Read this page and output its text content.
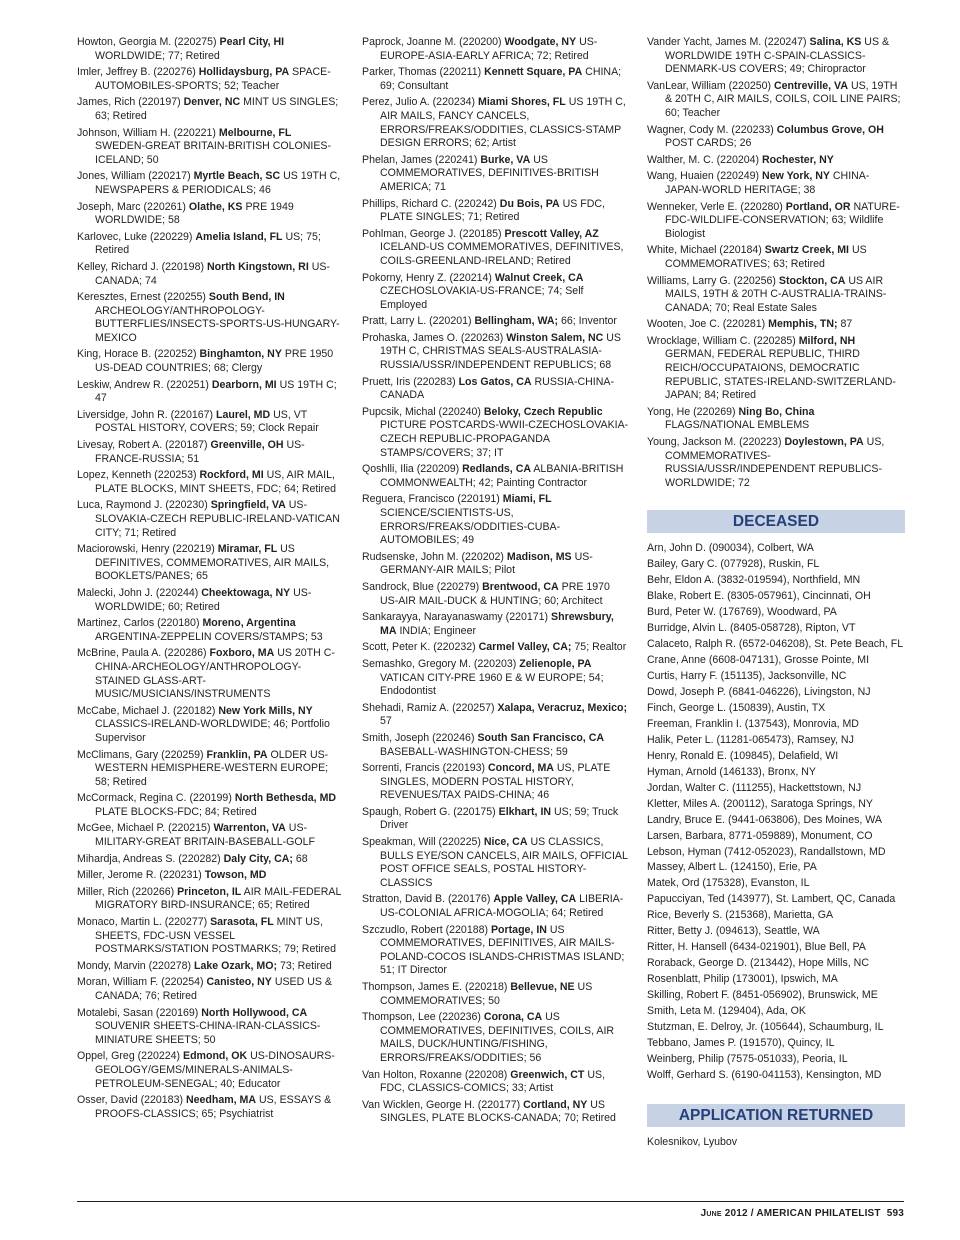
Howton, Georgia M. (220275) Pearl City, HI WORLDWIDE; 77; Retired
Imler, Jeffrey B. (220276) Hollidaysburg, PA SPACE-AUTOMOBILES-SPORTS; 52; Teacher
James, Rich (220197) Denver, NC MINT US SINGLES; 63; Retired
Johnson, William H. (220221) Melbourne, FL SWEDEN-GREAT BRITAIN-BRITISH COLONIES-ICELAND; 50
Jones, William (220217) Myrtle Beach, SC US 19TH C, NEWSPAPERS & PERIODICALS; 46
Joseph, Marc (220261) Olathe, KS PRE 1949 WORLDWIDE; 58
Karlovec, Luke (220229) Amelia Island, FL US; 75; Retired
Kelley, Richard J. (220198) North Kingstown, RI US-CANADA; 74
Keresztes, Ernest (220255) South Bend, IN ARCHEOLOGY/ANTHROPOLOGY-BUTTERFLIES/INSECTS-SPORTS-US-HUNGARY-MEXICO
King, Horace B. (220252) Binghamton, NY PRE 1950 US-DEAD COUNTRIES; 68; Clergy
Leskiw, Andrew R. (220251) Dearborn, MI US 19TH C; 47
Liversidge, John R. (220167) Laurel, MD US, VT POSTAL HISTORY, COVERS; 59; Clock Repair
Livesay, Robert A. (220187) Greenville, OH US-FRANCE-RUSSIA; 51
Lopez, Kenneth (220253) Rockford, MI US, AIR MAIL, PLATE BLOCKS, MINT SHEETS, FDC; 64; Retired
Luca, Raymond J. (220230) Springfield, VA US-SLOVAKIA-CZECH REPUBLIC-IRELAND-VATICAN CITY; 71; Retired
Maciorowski, Henry (220219) Miramar, FL US DEFINITIVES, COMMEMORATIVES, AIR MAILS, BOOKLETS/PANES; 65
Malecki, John J. (220244) Cheektowaga, NY US-WORLDWIDE; 60; Retired
Martinez, Carlos (220180) Moreno, Argentina ARGENTINA-ZEPPELIN COVERS/STAMPS; 53
McBrine, Paula A. (220286) Foxboro, MA US 20TH C-CHINA-ARCHEOLOGY/ANTHROPOLOGY-STAINED GLASS-ART-MUSIC/MUSICIANS/INSTRUMENTS
McCabe, Michael J. (220182) New York Mills, NY CLASSICS-IRELAND-WORLDWIDE; 46; Portfolio Supervisor
McClimans, Gary (220259) Franklin, PA OLDER US-WESTERN HEMISPHERE-WESTERN EUROPE; 58; Retired
McCormack, Regina C. (220199) North Bethesda, MD PLATE BLOCKS-FDC; 84; Retired
McGee, Michael P. (220215) Warrenton, VA US-MILITARY-GREAT BRITAIN-BASEBALL-GOLF
Mihardja, Andreas S. (220282) Daly City, CA; 68
Miller, Jerome R. (220231) Towson, MD
Miller, Rich (220266) Princeton, IL AIR MAIL-FEDERAL MIGRATORY BIRD-INSURANCE; 65; Retired
Monaco, Martin L. (220277) Sarasota, FL MINT US, SHEETS, FDC-USN VESSEL POSTMARKS/STATION POSTMARKS; 79; Retired
Mondy, Marvin (220278) Lake Ozark, MO; 73; Retired
Moran, William F. (220254) Canisteo, NY USED US & CANADA; 76; Retired
Motalebi, Sasan (220169) North Hollywood, CA SOUVENIR SHEETS-CHINA-IRAN-CLASSICS-MINIATURE SHEETS; 50
Oppel, Greg (220224) Edmond, OK US-DINOSAURS-GEOLOGY/GEMS/MINERALS-ANIMALS-PETROLEUM-SENEGAL; 40; Educator
Osser, David (220183) Needham, MA US, ESSAYS & PROOFS-CLASSICS; 65; Psychiatrist
Paprock, Joanne M. (220200) Woodgate, NY US-EUROPE-ASIA-EARLY AFRICA; 72; Retired
Parker, Thomas (220211) Kennett Square, PA CHINA; 69; Consultant
Perez, Julio A. (220234) Miami Shores, FL US 19TH C, AIR MAILS, FANCY CANCELS, ERRORS/FREAKS/ODDITIES, CLASSICS-STAMP DESIGN ERRORS; 62; Artist
Phelan, James (220241) Burke, VA US COMMEMORATIVES, DEFINITIVES-BRITISH AMERICA; 71
Phillips, Richard C. (220242) Du Bois, PA US FDC, PLATE SINGLES; 71; Retired
Pohlman, George J. (220185) Prescott Valley, AZ ICELAND-US COMMEMORATIVES, DEFINITIVES, COILS-GREENLAND-IRELAND; Retired
Pokorny, Henry Z. (220214) Walnut Creek, CA CZECHOSLOVAKIA-US-FRANCE; 74; Self Employed
Pratt, Larry L. (220201) Bellingham, WA; 66; Inventor
Prohaska, James O. (220263) Winston Salem, NC US 19TH C, CHRISTMAS SEALS-AUSTRALASIA-RUSSIA/USSR/INDEPENDENT REPUBLICS; 68
Pruett, Iris (220283) Los Gatos, CA RUSSIA-CHINA-CANADA
Pupcsik, Michal (220240) Beloky, Czech Republic PICTURE POSTCARDS-WWII-CZECHOSLOVAKIA-CZECH REPUBLIC-PROPAGANDA STAMPS/COVERS; 37; IT
Qoshlli, Ilia (220209) Redlands, CA ALBANIA-BRITISH COMMONWEALTH; 42; Painting Contractor
Reguera, Francisco (220191) Miami, FL SCIENCE/SCIENTISTS-US, ERRORS/FREAKS/ODDITIES-CUBA-AUTOMOBILES; 49
Rudsenske, John M. (220202) Madison, MS US-GERMANY-AIR MAILS; Pilot
Sandrock, Blue (220279) Brentwood, CA PRE 1970 US-AIR MAIL-DUCK & HUNTING; 60; Architect
Sankarayya, Narayanaswamy (220171) Shrewsbury, MA INDIA; Engineer
Scott, Peter K. (220232) Carmel Valley, CA; 75; Realtor
Semashko, Gregory M. (220203) Zelienople, PA VATICAN CITY-PRE 1960 E & W EUROPE; 54; Endodontist
Shehadi, Ramiz A. (220257) Xalapa, Veracruz, Mexico; 57
Smith, Joseph (220246) South San Francisco, CA BASEBALL-WASHINGTON-CHESS; 59
Sorrenti, Francis (220193) Concord, MA US, PLATE SINGLES, MODERN POSTAL HISTORY, REVENUES/TAX PAIDS-CHINA; 46
Spaugh, Robert G. (220175) Elkhart, IN US; 59; Truck Driver
Speakman, Will (220225) Nice, CA US CLASSICS, BULLS EYE/SON CANCELS, AIR MAILS, OFFICIAL POST OFFICE SEALS, POSTAL HISTORY-CLASSICS
Stratton, David B. (220176) Apple Valley, CA LIBERIA-US-COLONIAL AFRICA-MOGOLIA; 64; Retired
Szczudlo, Robert (220188) Portage, IN US COMMEMORATIVES, DEFINITIVES, AIR MAILS-POLAND-COCOS ISLANDS-CHRISTMAS ISLAND; 51; IT Director
Thompson, James E. (220218) Bellevue, NE US COMMEMORATIVES; 50
Thompson, Lee (220236) Corona, CA US COMMEMORATIVES, DEFINITIVES, COILS, AIR MAILS, DUCK/HUNTING/FISHING, ERRORS/FREAKS/ODDITIES; 56
Van Holton, Roxanne (220208) Greenwich, CT US, FDC, CLASSICS-COMICS; 33; Artist
Van Wicklen, George H. (220177) Cortland, NY US SINGLES, PLATE BLOCKS-CANADA; 70; Retired
Vander Yacht, James M. (220247) Salina, KS US & WORLDWIDE 19TH C-SPAIN-CLASSICS-DENMARK-US COVERS; 49; Chiropractor
VanLear, William (220250) Centreville, VA US, 19TH & 20TH C, AIR MAILS, COILS, COIL LINE PAIRS; 60; Teacher
Wagner, Cody M. (220233) Columbus Grove, OH POST CARDS; 26
Walther, M. C. (220204) Rochester, NY
Wang, Huaien (220249) New York, NY CHINA-JAPAN-WORLD HERITAGE; 38
Wenneker, Verle E. (220280) Portland, OR NATURE-FDC-WILDLIFE-CONSERVATION; 63; Wildlife Biologist
White, Michael (220184) Swartz Creek, MI US COMMEMORATIVES; 63; Retired
Williams, Larry G. (220256) Stockton, CA US AIR MAILS, 19TH & 20TH C-AUSTRALIA-TRAINS-CANADA; 70; Real Estate Sales
Wooten, Joe C. (220281) Memphis, TN; 87
Wrocklage, William C. (220285) Milford, NH GERMAN, FEDERAL REPUBLIC, THIRD REICH/OCCUPATAIONS, DEMOCRATIC REPUBLIC, STATES-IRELAND-SWITZERLAND-JAPAN; 84; Retired
Yong, He (220269) Ning Bo, China FLAGS/NATIONAL EMBLEMS
Young, Jackson M. (220223) Doylestown, PA US, COMMEMORATIVES-RUSSIA/USSR/INDEPENDENT REPUBLICS-WORLDWIDE; 72
DECEASED
Arn, John D. (090034), Colbert, WA
Bailey, Gary C. (077928), Ruskin, FL
Behr, Eldon A. (3832-019594), Northfield, MN
Blake, Robert E. (8305-057961), Cincinnati, OH
Burd, Peter W. (176769), Woodward, PA
Burridge, Alvin L. (8405-058728), Ripton, VT
Calaceto, Ralph R. (6572-046208), St. Pete Beach, FL
Crane, Anne (6608-047131), Grosse Pointe, MI
Curtis, Harry F. (151135), Jacksonville, NC
Dowd, Joseph P. (6841-046226), Livingston, NJ
Finch, George L. (150839), Austin, TX
Freeman, Franklin I. (137543), Monrovia, MD
Halik, Peter L. (11281-065473), Ramsey, NJ
Henry, Ronald E. (109845), Delafield, WI
Hyman, Arnold (146133), Bronx, NY
Jordan, Walter C. (111255), Hackettstown, NJ
Kletter, Miles A. (200112), Saratoga Springs, NY
Landry, Bruce E. (9441-063806), Des Moines, WA
Larsen, Barbara, 8771-059889), Monument, CO
Lebson, Hyman (7412-052023), Randallstown, MD
Massey, Albert L. (124150), Erie, PA
Matek, Ord (175328), Evanston, IL
Papucciyan, Ted (143977), St. Lambert, QC, Canada
Rice, Beverly S. (215368), Marietta, GA
Ritter, Betty J. (094613), Seattle, WA
Ritter, H. Hansell (6434-021901), Blue Bell, PA
Roraback, George D. (213442), Hope Mills, NC
Rosenblatt, Philip (173001), Ipswich, MA
Skilling, Robert F. (8451-056902), Brunswick, ME
Smith, Leta M. (129404), Ada, OK
Stutzman, E. Delroy, Jr. (105644), Schaumburg, IL
Tebbano, James P. (191570), Quincy, IL
Weinberg, Philip (7575-051033), Peoria, IL
Wolff, Gerhard S. (6190-041153), Kensington, MD
APPLICATION RETURNED
Kolesnikov, Lyubov
June 2012 / AMERICAN PHILATELIST 593
